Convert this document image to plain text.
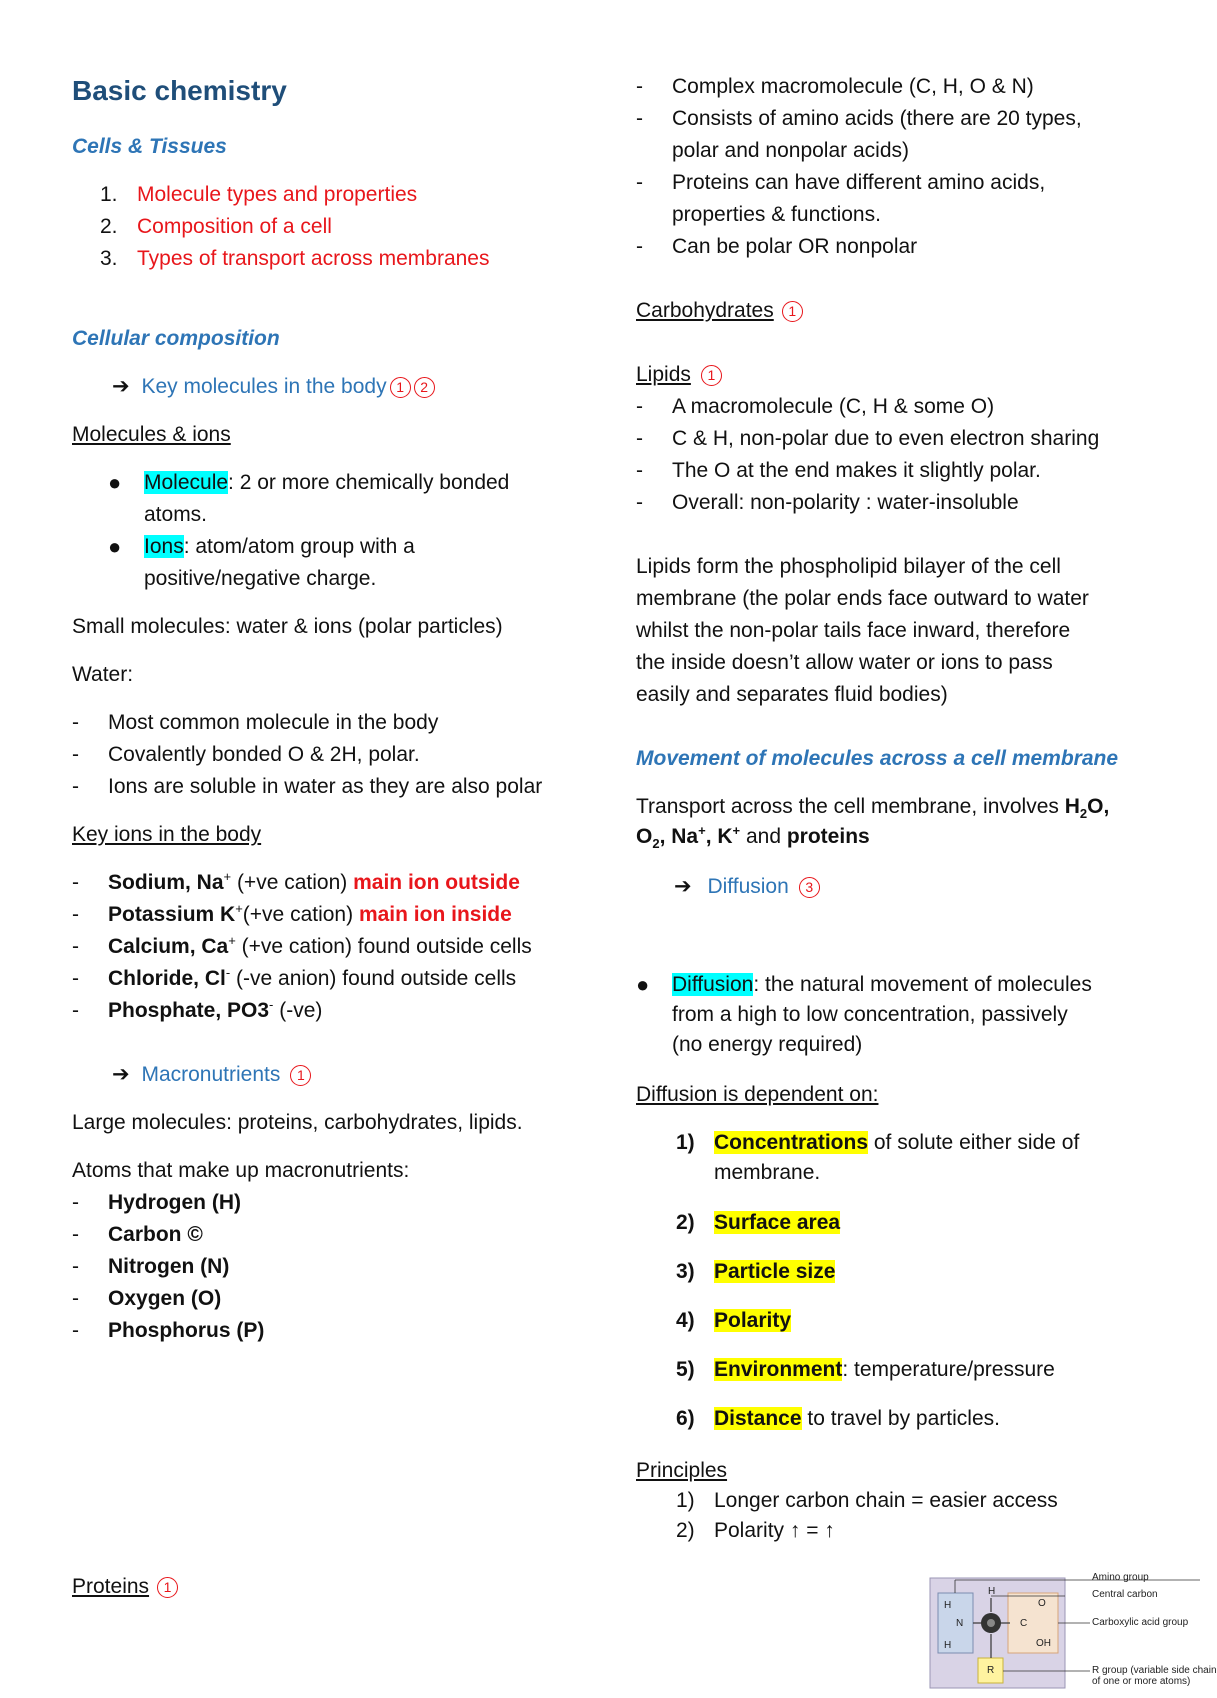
Basic chemistry
Cells & Tissues
1. Molecule types and properties
2. Composition of a cell
3. Types of transport across membranes
Cellular composition
➔ Key molecules in the body 1 2
Molecules & ions
● Molecule: 2 or more chemically bonded
atoms.
● Ions: atom/atom group with a
positive/negative charge.
Small molecules: water & ions (polar particles)
Water:
- Most common molecule in the body
- Covalently bonded O & 2H, polar.
- Ions are soluble in water as they are also polar
Key ions in the body
- Sodium, Na+ (+ve cation) main ion outside
- Potassium K+(+ve cation) main ion inside
- Calcium, Ca+ (+ve cation) found outside cells
- Chloride, Cl- (-ve anion) found outside cells
- Phosphate, PO3- (-ve)
➔ Macronutrients 1
Large molecules: proteins, carbohydrates, lipids.
Atoms that make up macronutrients:
- Hydrogen (H)
- Carbon ©
- Nitrogen (N)
- Oxygen (O)
- Phosphorus (P)
Proteins 1
- Complex macromolecule (C, H, O & N)
- Consists of amino acids (there are 20 types,
polar and nonpolar acids)
- Proteins can have different amino acids,
properties & functions.
- Can be polar OR nonpolar
Carbohydrates 1
Lipids 1
- A macromolecule (C, H & some O)
- C & H, non-polar due to even electron sharing
- The O at the end makes it slightly polar.
- Overall: non-polarity : water-insoluble
Lipids form the phospholipid bilayer of the cell
membrane (the polar ends face outward to water
whilst the non-polar tails face inward, therefore
the inside doesn’t allow water or ions to pass
easily and separates fluid bodies)
Movement of molecules across a cell membrane
Transport across the cell membrane, involves $H_2O$,
$O_2$, Na+, K+ and proteins
➔ Diffusion 3
● Diffusion: the natural movement of molecules
from a high to low concentration, passively
(no energy required)
Diffusion is dependent on:
1) Concentrations of solute either side of
membrane.
2) Surface area
3) Particle size
4) Polarity
5) Environment: temperature/pressure
6) Distance to travel by particles.
Principles
1) Longer carbon chain = easier access
2) Polarity ↑ = ↑
H
N
H
H
C
O
OH
R
Amino group
Central carbon
Carboxylic acid group
R group (variable side chain
of one or more atoms)
